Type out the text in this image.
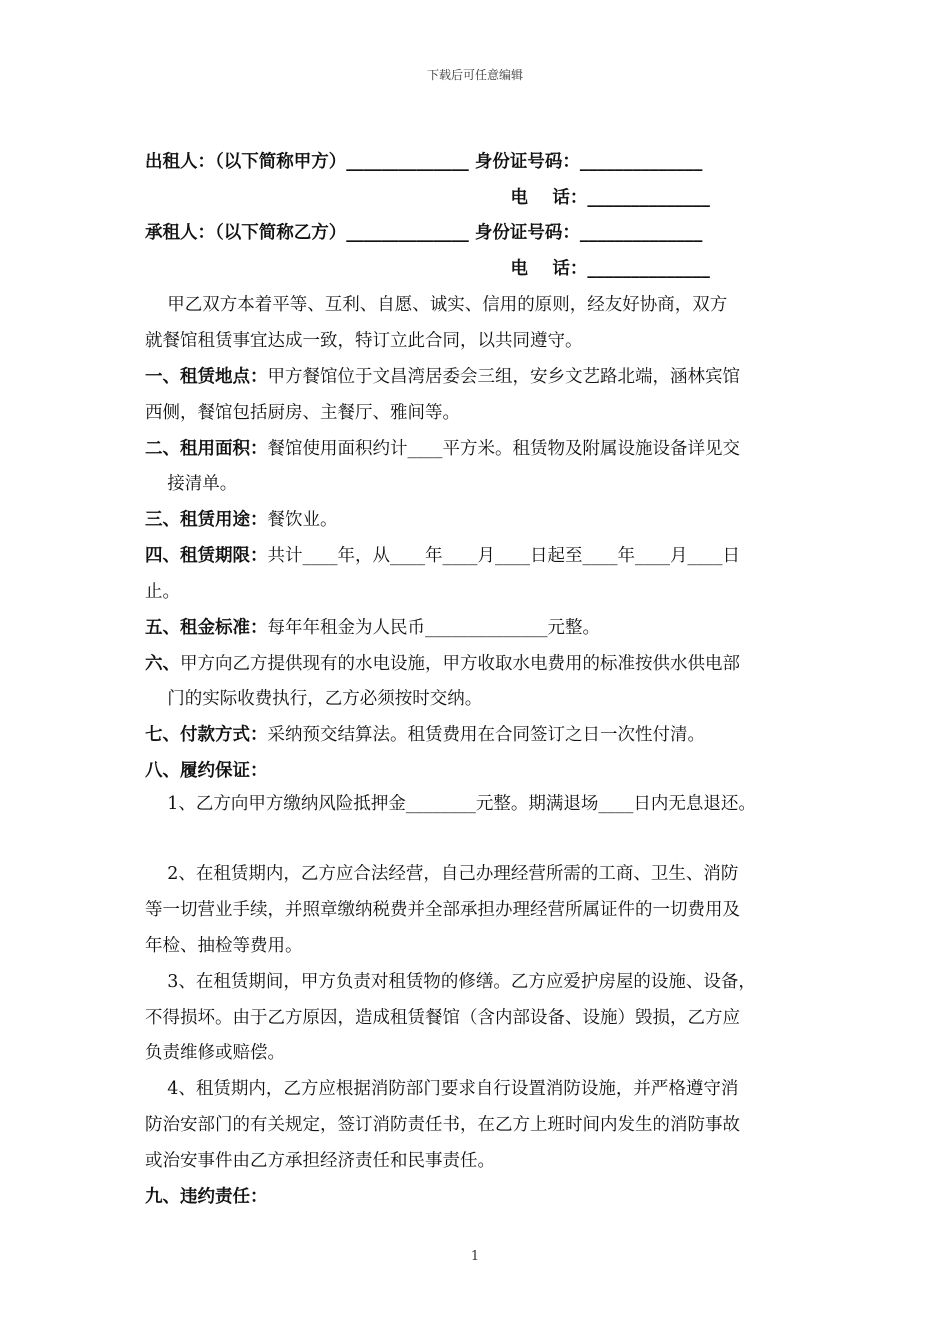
下载后可任意编辑
出租人：（以下简称甲方）______________ 身份证号码：______________
电    话：______________
承租人：（以下简称乙方）______________ 身份证号码：______________
电    话：______________
甲乙双方本着平等、互利、自愿、诚实、信用的原则，经友好协商，双方
就餐馆租赁事宜达成一致，特订立此合同，以共同遵守。
一、租赁地点：甲方餐馆位于文昌湾居委会三组，安乡文艺路北端，涵林宾馆
西侧，餐馆包括厨房、主餐厅、雅间等。
二、租用面积：餐馆使用面积约计____平方米。租赁物及附属设施设备详见交
接清单。
三、租赁用途：餐饮业。
四、租赁期限：共计____年，从____年____月____日起至____年____月____日
止。
五、租金标准：每年年租金为人民币______________元整。
六、甲方向乙方提供现有的水电设施，甲方收取水电费用的标准按供水供电部
门的实际收费执行，乙方必须按时交纳。
七、付款方式：采纳预交结算法。租赁费用在合同签订之日一次性付清。
八、履约保证：
1、乙方向甲方缴纳风险抵押金________元整。期满退场____日内无息退还。
2、在租赁期内，乙方应合法经营，自己办理经营所需的工商、卫生、消防
等一切营业手续，并照章缴纳税费并全部承担办理经营所属证件的一切费用及
年检、抽检等费用。
3、在租赁期间，甲方负责对租赁物的修缮。乙方应爱护房屋的设施、设备，
不得损坏。由于乙方原因，造成租赁餐馆（含内部设备、设施）毁损，乙方应
负责维修或赔偿。
4、租赁期内，乙方应根据消防部门要求自行设置消防设施，并严格遵守消
防治安部门的有关规定，签订消防责任书，在乙方上班时间内发生的消防事故
或治安事件由乙方承担经济责任和民事责任。
九、违约责任：
1
